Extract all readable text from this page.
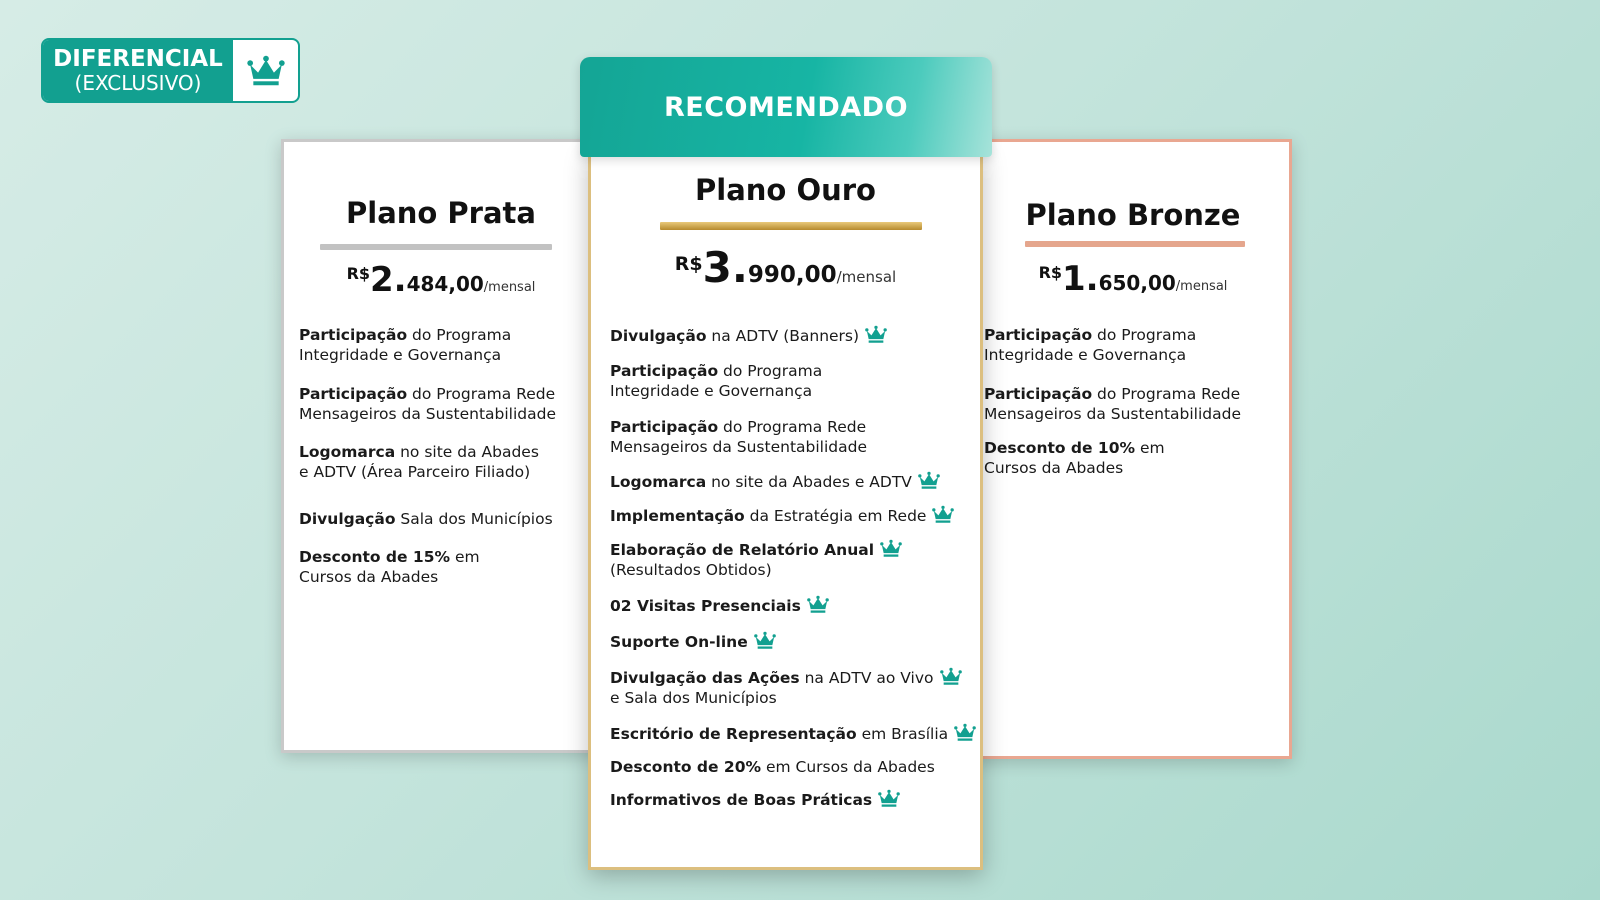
DIFERENCIAL
(EXCLUSIVO)
Plano Prata
R$2.484,00/mensal
Participação do Programa
Integridade e Governança
Participação do Programa Rede
Mensageiros da Sustentabilidade
Logomarca no site da Abades
e ADTV (Área Parceiro Filiado)
Divulgação Sala dos Municípios
Desconto de 15% em
Cursos da Abades
Plano Bronze
R$1.650,00/mensal
Participação do Programa
Integridade e Governança
Participação do Programa Rede
Mensageiros da Sustentabilidade
Desconto de 10% em
Cursos da Abades
Plano Ouro
R$3.990,00/mensal
Divulgação na ADTV (Banners)
Participação do Programa
Integridade e Governança
Participação do Programa Rede
Mensageiros da Sustentabilidade
Logomarca no site da Abades e ADTV
Implementação da Estratégia em Rede
Elaboração de Relatório Anual
(Resultados Obtidos)
02 Visitas Presenciais
Suporte On-line
Divulgação das Ações na ADTV ao Vivo
e Sala dos Municípios
Escritório de Representação em Brasília
Desconto de 20% em Cursos da Abades
Informativos de Boas Práticas
RECOMENDADO
